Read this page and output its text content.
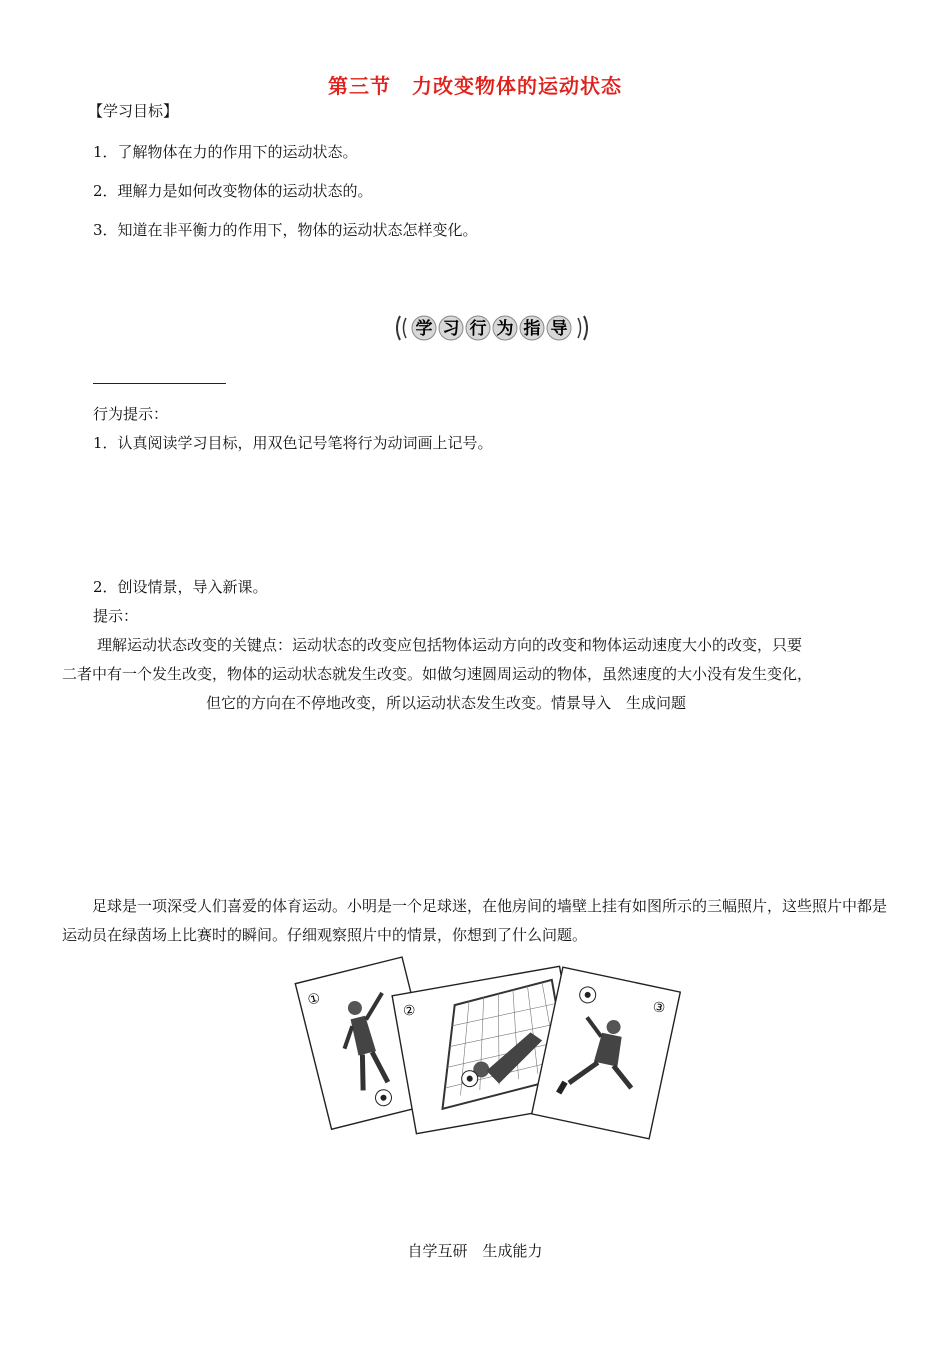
第三节　力改变物体的运动状态
【学习目标】
1．了解物体在力的作用下的运动状态。
2．理解力是如何改变物体的运动状态的。
3．知道在非平衡力的作用下，物体的运动状态怎样变化。
学 习 行 为 指 导
行为提示：
1．认真阅读学习目标，用双色记号笔将行为动词画上记号。
2．创设情景，导入新课。
提示：
理解运动状态改变的关键点：运动状态的改变应包括物体运动方向的改变和物体运动速度大小的改变，只要
二者中有一个发生改变，物体的运动状态就发生改变。如做匀速圆周运动的物体，虽然速度的大小没有发生变化，
但它的方向在不停地改变，所以运动状态发生改变。情景导入　生成问题
足球是一项深受人们喜爱的体育运动。小明是一个足球迷，在他房间的墙壁上挂有如图所示的三幅照片，这些照片中都是运动员在绿茵场上比赛时的瞬间。仔细观察照片中的情景，你想到了什么问题。
①
②	③
自学互研　生成能力
